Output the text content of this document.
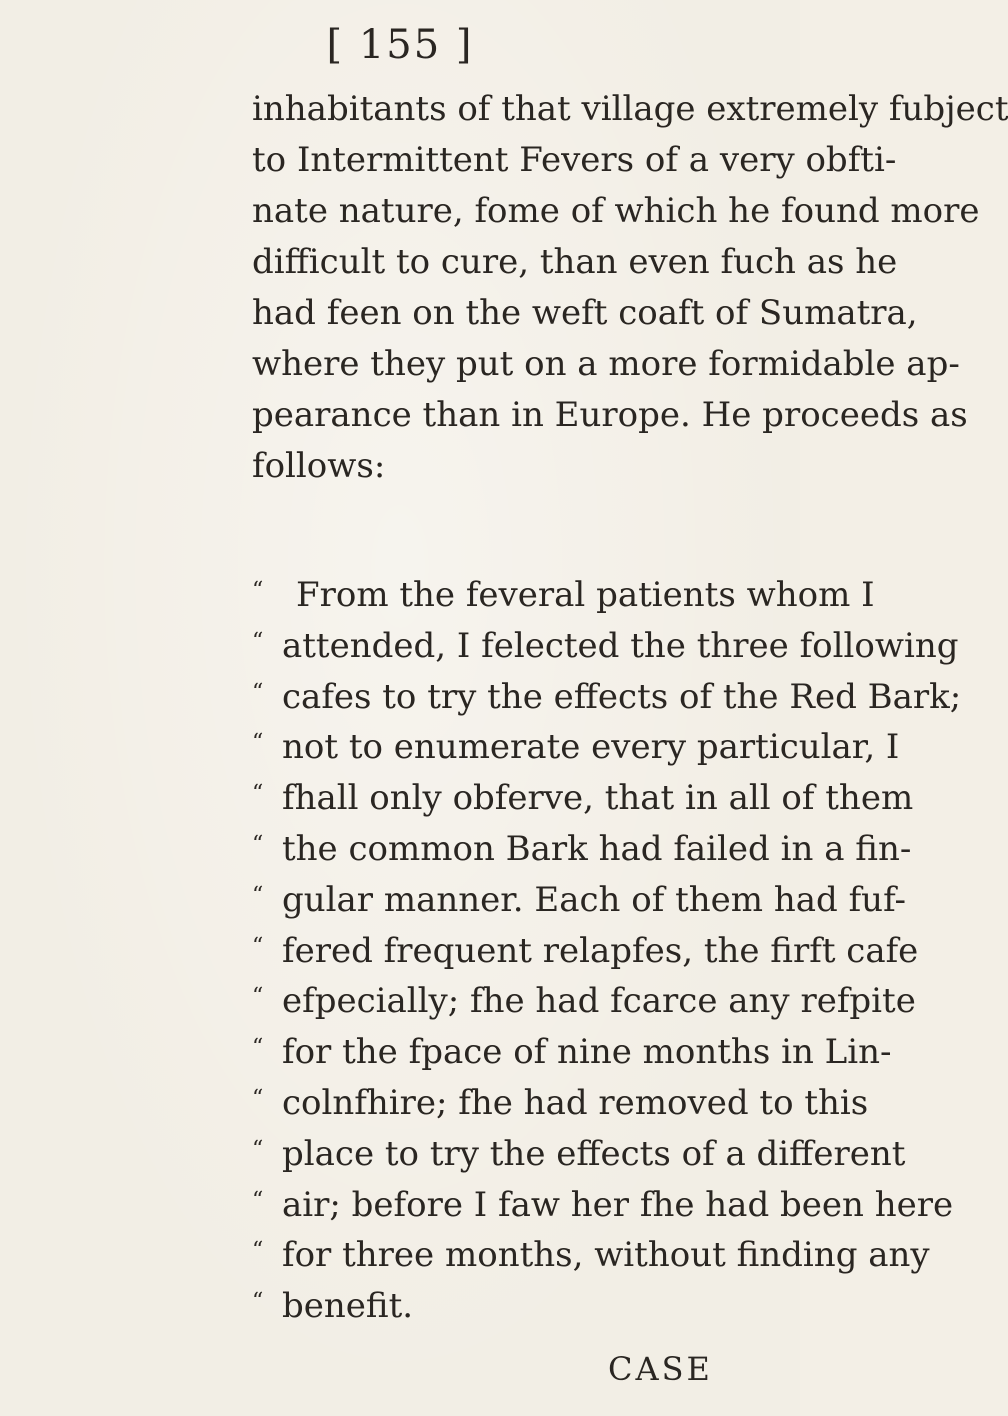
[ 155 ]
inhabitants of that village extremely fubject
to Intermittent Fevers of a very obfti-
nate nature, fome of which he found more
difficult to cure, than even fuch as he
had feen on the weft coaft of Sumatra,
where they put on a more formidable ap-
pearance than in Europe. He proceeds as
follows:
“ From the feveral patients whom I
“ attended, I felected the three following
“ cafes to try the effects of the Red Bark;
“ not to enumerate every particular, I
“ fhall only obferve, that in all of them
“ the common Bark had failed in a fin-
“ gular manner. Each of them had fuf-
“ fered frequent relapfes, the firft cafe
“ efpecially; fhe had fcarce any refpite
“ for the fpace of nine months in Lin-
“ colnfhire; fhe had removed to this
“ place to try the effects of a different
“ air; before I faw her fhe had been here
“ for three months, without finding any
“ benefit.
CASE
